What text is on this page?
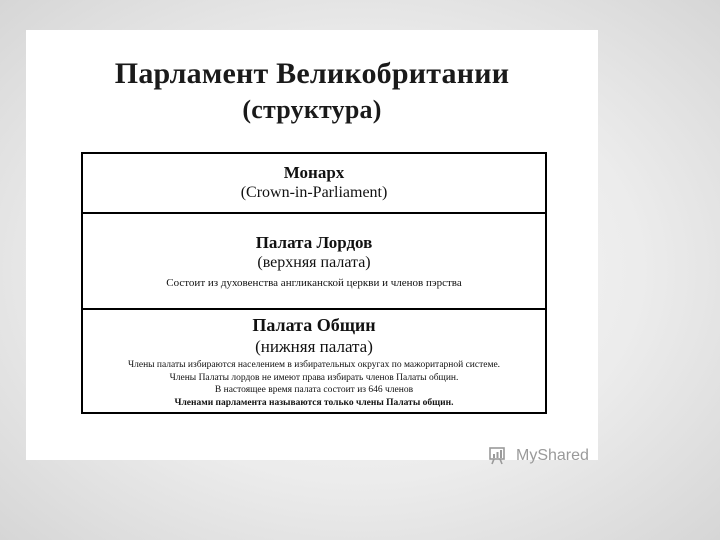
Парламент Великобритании
(структура)
Монарх
(Crown-in-Parliament)
Палата Лордов
(верхняя палата)
Состоит из духовенства англиканской церкви и членов пэрства
Палата Общин
(нижняя палата)
Члены палаты избираются населением в избирательных округах по мажоритарной системе.
Члены Палаты лордов не имеют права избирать членов Палаты общин.
В настоящее время палата состоит из 646 членов
Членами парламента называются только члены Палаты общин.
MyShared
